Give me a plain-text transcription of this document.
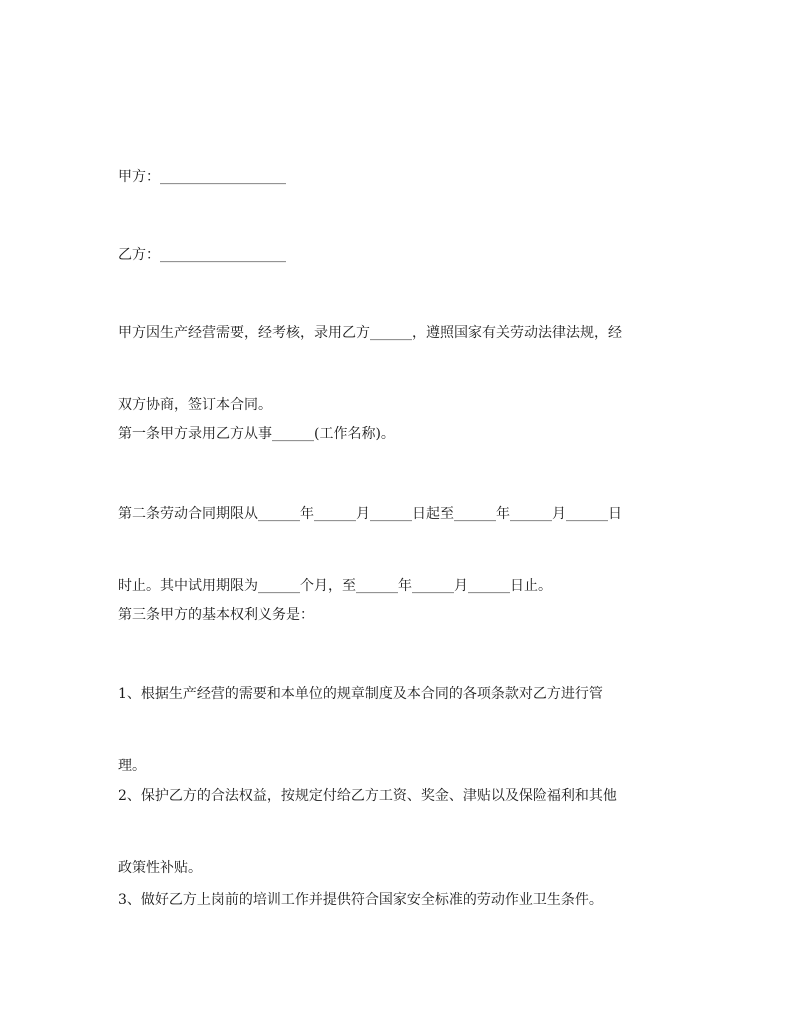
甲方：__________________

乙方：__________________

甲方因生产经营需要，经考核，录用乙方______，遵照国家有关劳动法律法规，经

双方协商，签订本合同。

第一条甲方录用乙方从事______(工作名称)。

第二条劳动合同期限从______年______月______日起至______年______月______日

时止。其中试用期限为______个月，至______年______月______日止。

第三条甲方的基本权利义务是：

1、根据生产经营的需要和本单位的规章制度及本合同的各项条款对乙方进行管

理。

2、保护乙方的合法权益，按规定付给乙方工资、奖金、津贴以及保险福利和其他

政策性补贴。

3、做好乙方上岗前的培训工作并提供符合国家安全标准的劳动作业卫生条件。
